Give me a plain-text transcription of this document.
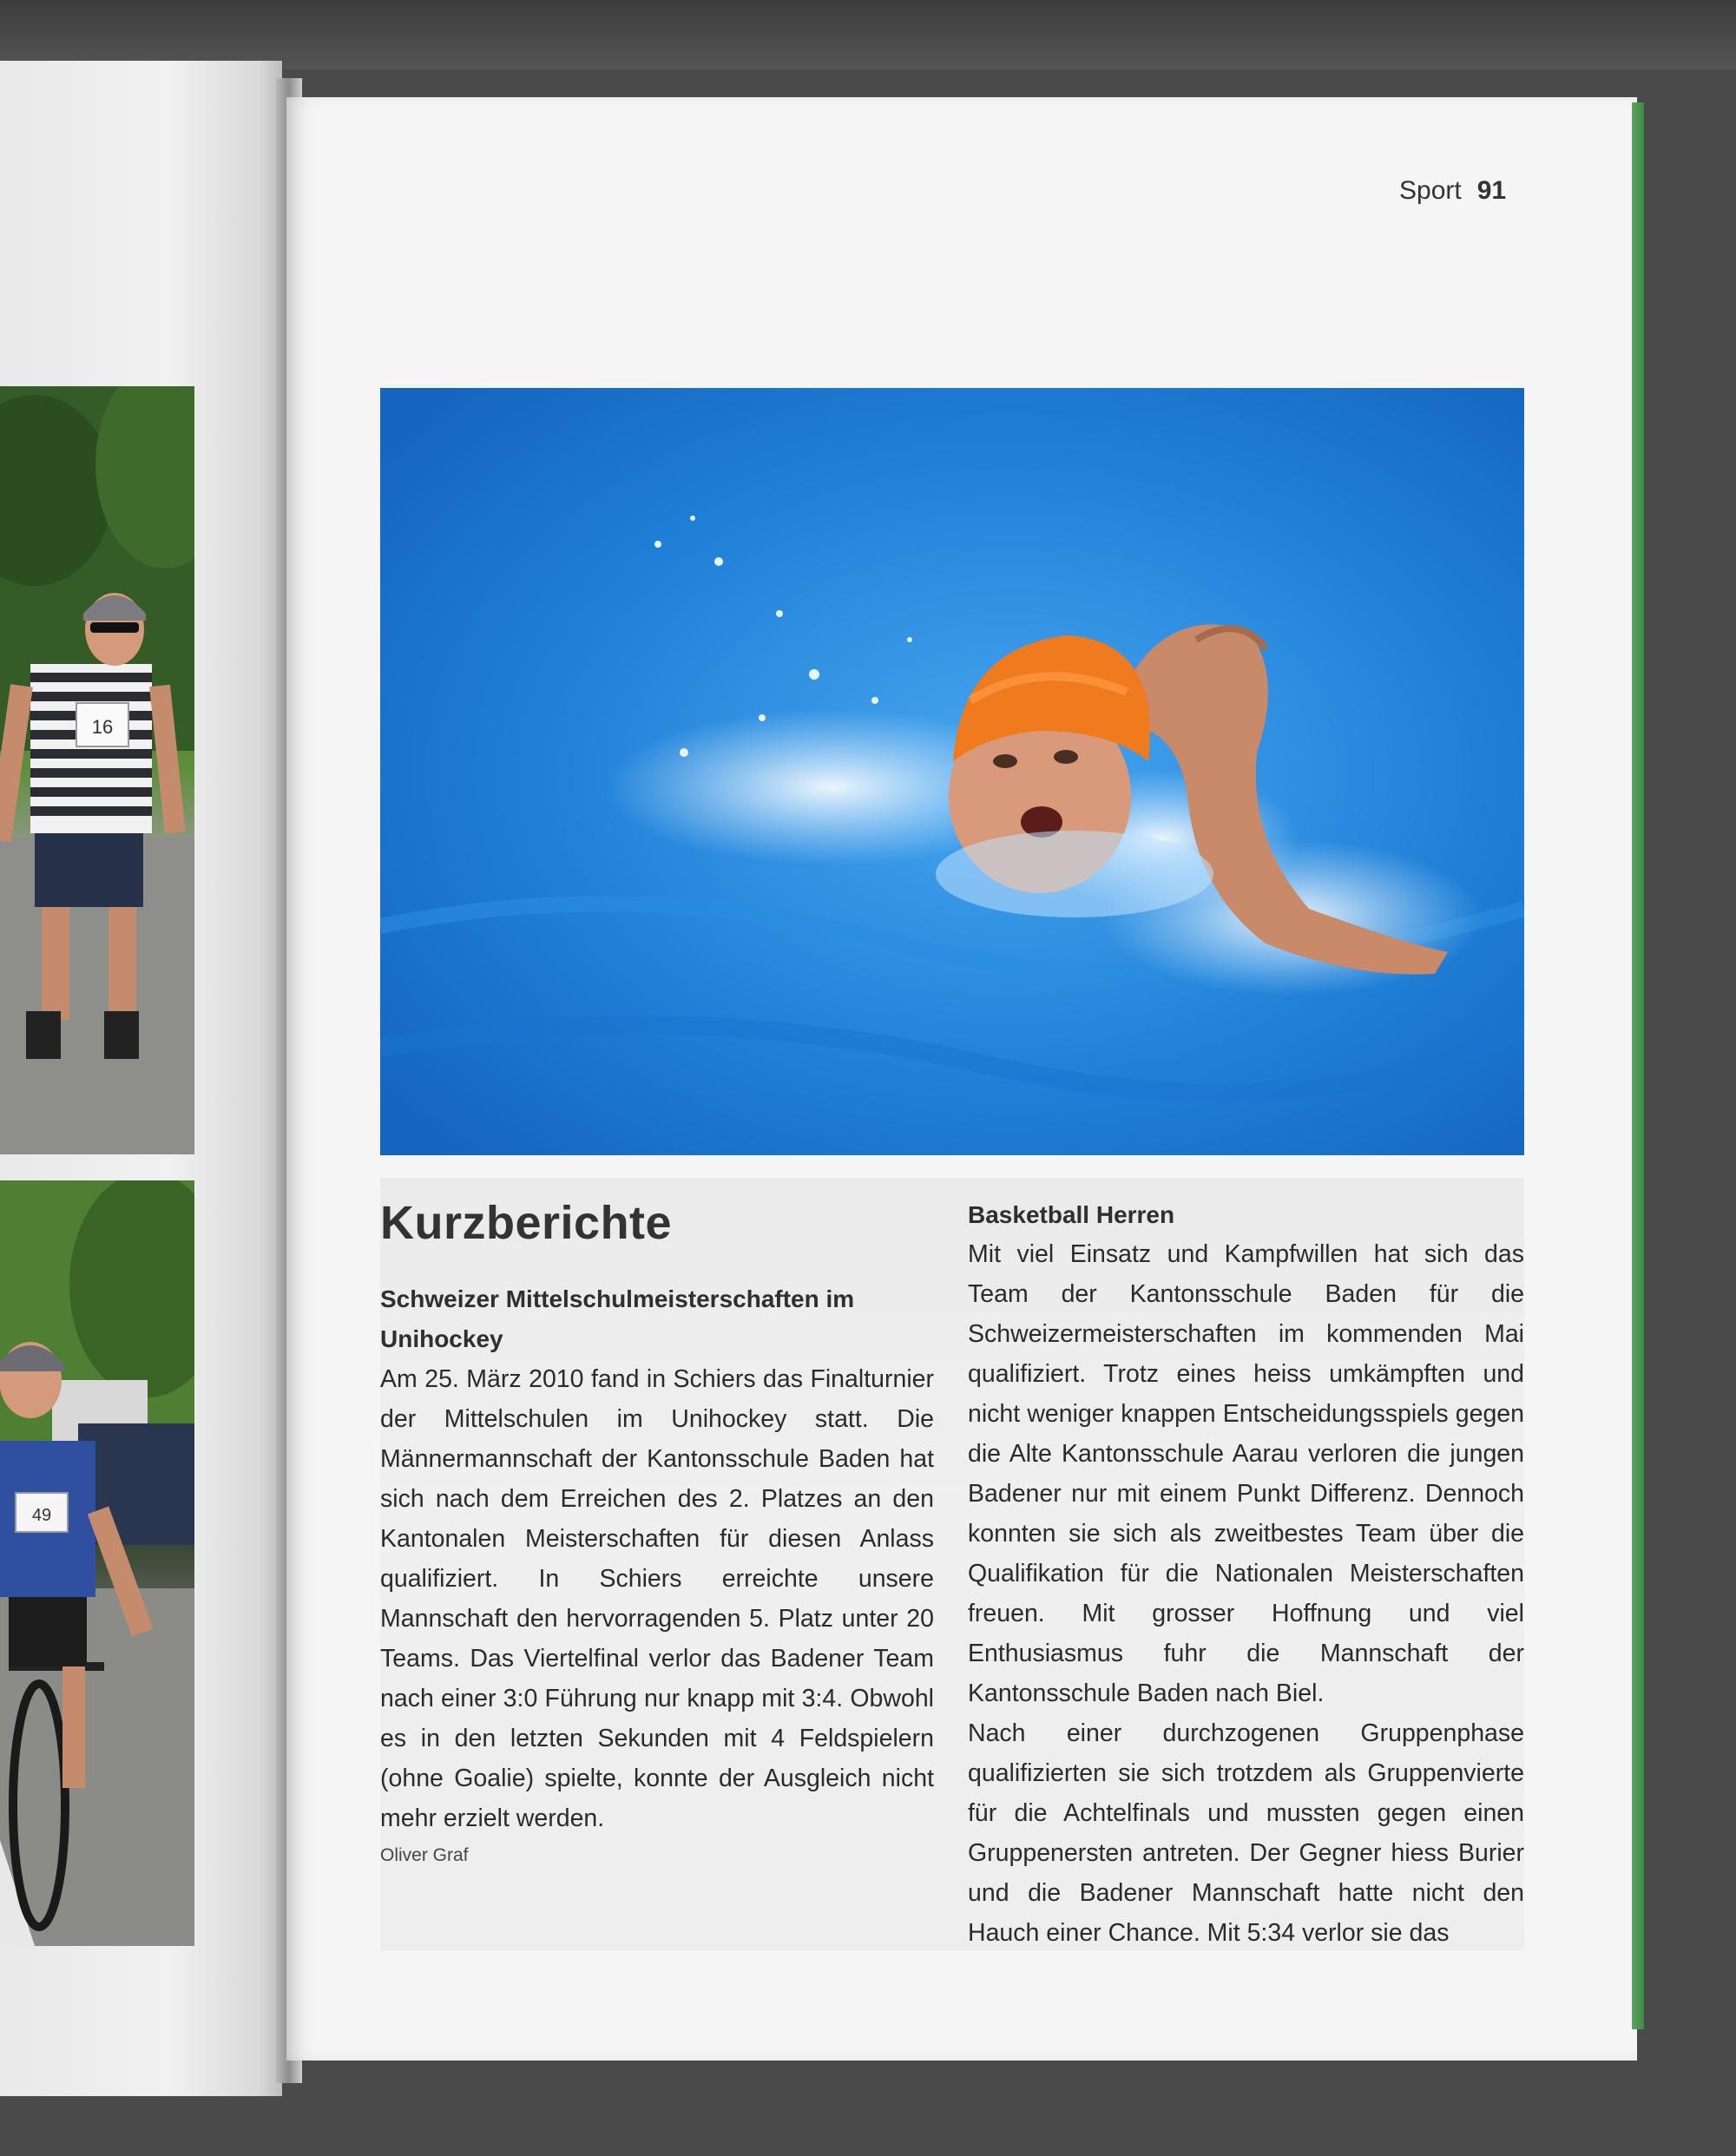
16
49
Sport 91
Kurzberichte

Schweizer Mittelschulmeisterschaften im Unihockey

Am 25. März 2010 fand in Schiers das Finalturnier der Mittelschulen im Unihockey statt. Die Männermannschaft der Kantonsschule Baden hat sich nach dem Erreichen des 2. Platzes an den Kantonalen Meisterschaften für diesen Anlass qualifiziert. In Schiers erreichte unsere Mannschaft den hervorragenden 5. Platz unter 20 Teams. Das Viertelfinal verlor das Badener Team nach einer 3:0 Führung nur knapp mit 3:4. Obwohl es in den letzten Sekunden mit 4 Feldspielern (ohne Goalie) spielte, konnte der Ausgleich nicht mehr erzielt werden.

Oliver Graf

Basketball Herren

Mit viel Einsatz und Kampfwillen hat sich das Team der Kantonsschule Baden für die Schweizermeisterschaften im kommenden Mai qualifiziert. Trotz eines heiss umkämpften und nicht weniger knappen Entscheidungsspiels gegen die Alte Kantonsschule Aarau verloren die jungen Badener nur mit einem Punkt Differenz. Dennoch konnten sie sich als zweitbestes Team über die Qualifikation für die Nationalen Meisterschaften freuen. Mit grosser Hoffnung und viel Enthusiasmus fuhr die Mannschaft der Kantonsschule Baden nach Biel.

Nach einer durchzogenen Gruppenphase qualifizierten sie sich trotzdem als Gruppenvierte für die Achtelfinals und mussten gegen einen Gruppenersten antreten. Der Gegner hiess Burier und die Badener Mannschaft hatte nicht den Hauch einer Chance. Mit 5:34 verlor sie das
